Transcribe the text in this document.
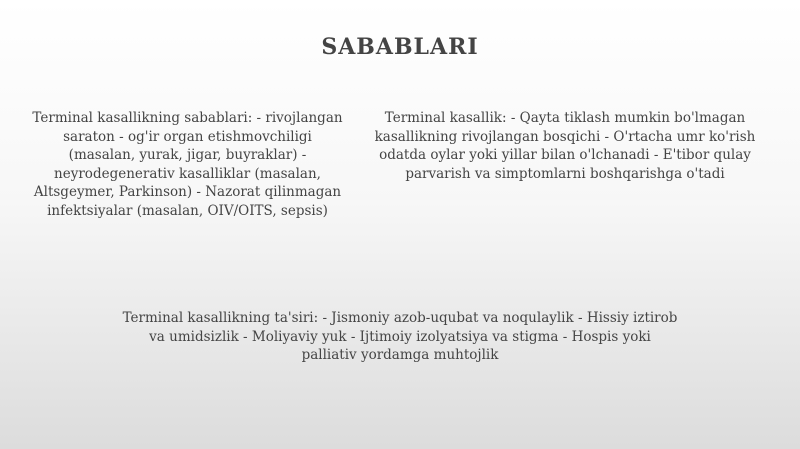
SABABLARI
Terminal kasallikning sabablari: - rivojlangan saraton - og'ir organ etishmovchiligi (masalan, yurak, jigar, buyraklar) - neyrodegenerativ kasalliklar (masalan, Altsgeymer, Parkinson) - Nazorat qilinmagan infektsiyalar (masalan, OIV/OITS, sepsis)
Terminal kasallik: - Qayta tiklash mumkin bo'lmagan kasallikning rivojlangan bosqichi - O'rtacha umr ko'rish odatda oylar yoki yillar bilan o'lchanadi - E'tibor qulay parvarish va simptomlarni boshqarishga o'tadi
Terminal kasallikning ta'siri: - Jismoniy azob-uqubat va noqulaylik - Hissiy iztirob va umidsizlik - Moliyaviy yuk - Ijtimoiy izolyatsiya va stigma - Hospis yoki palliativ yordamga muhtojlik
